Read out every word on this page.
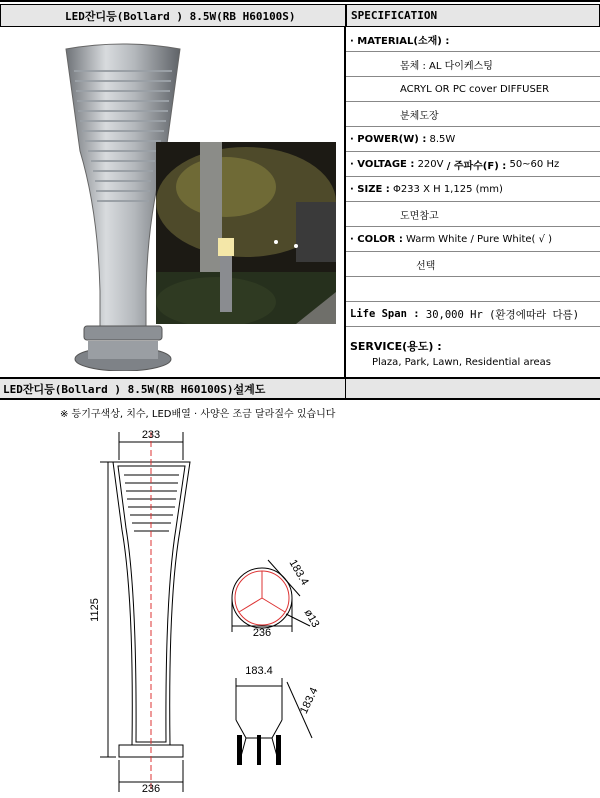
LED잔디등(Bollard ) 8.5W(RB H60100S)	SPECIFICATION
· MATERIAL(소재) :
몸체 : AL 다이케스팅
ACRYL OR PC cover DIFFUSER
분체도장
· POWER(W) :
8.5W
· VOLTAGE :
220V
/ 주파수(F) :
50~60 Hz
· SIZE :
Φ233 X H 1,125 (mm)
도면참고
· COLOR :
Warm White / Pure White( √ )
선택
Life Span :
30,000 Hr (환경에따라 다름)
SERVICE(용도) :
Plaza, Park, Lawn, Residential areas
LED잔디등(Bollard ) 8.5W(RB H60100S)설계도
※ 등기구색상, 치수, LED배열 · 사양은 조금 달라질수 있습니다
233
1125
236
183.4
236
ø13
183.4
183.4
